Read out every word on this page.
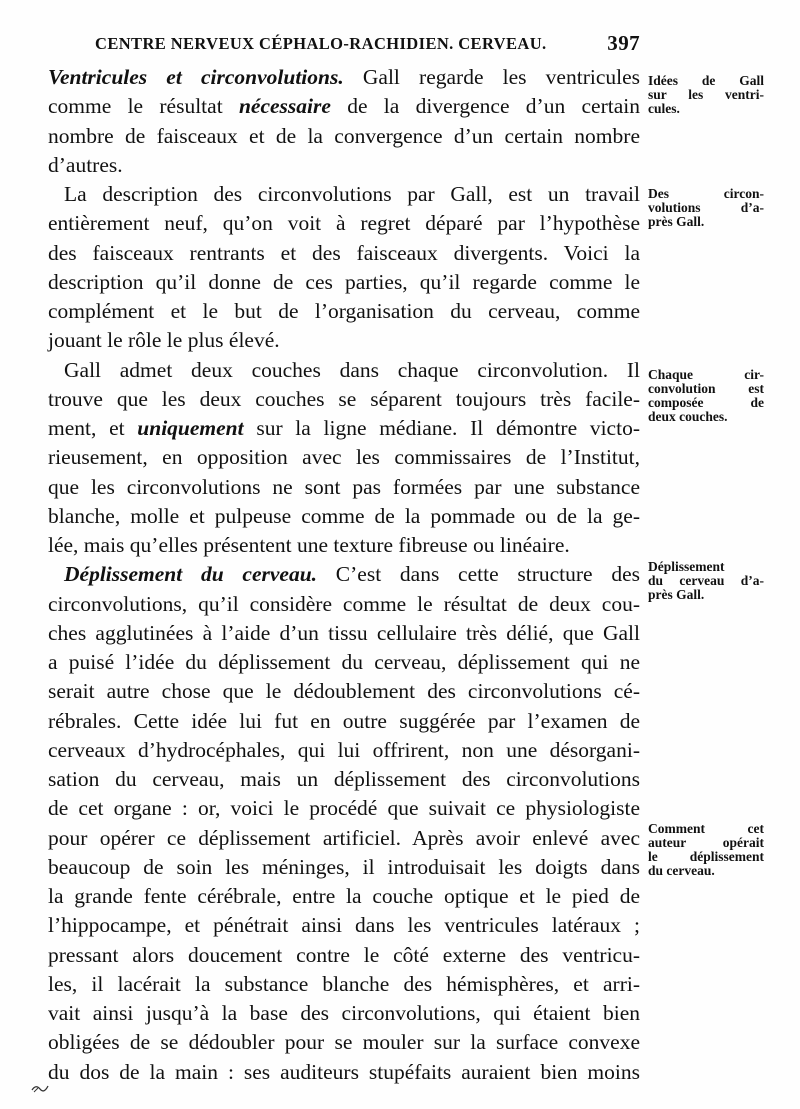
CENTRE NERVEUX CÉPHALO-RACHIDIEN. CERVEAU.	397
Ventricules et circonvolutions. Gall regarde les ventricules
comme le résultat nécessaire de la divergence d’un certain
nombre de faisceaux et de la convergence d’un certain nombre
d’autres.
La description des circonvolutions par Gall, est un travail
entièrement neuf, qu’on voit à regret déparé par l’hypothèse
des faisceaux rentrants et des faisceaux divergents. Voici la
description qu’il donne de ces parties, qu’il regarde comme le
complément et le but de l’organisation du cerveau, comme
jouant le rôle le plus élevé.
Gall admet deux couches dans chaque circonvolution. Il
trouve que les deux couches se séparent toujours très facile-
ment, et uniquement sur la ligne médiane. Il démontre victo-
rieusement, en opposition avec les commissaires de l’Institut,
que les circonvolutions ne sont pas formées par une substance
blanche, molle et pulpeuse comme de la pommade ou de la ge-
lée, mais qu’elles présentent une texture fibreuse ou linéaire.
Déplissement du cerveau. C’est dans cette structure des
circonvolutions, qu’il considère comme le résultat de deux cou-
ches agglutinées à l’aide d’un tissu cellulaire très délié, que Gall
a puisé l’idée du déplissement du cerveau, déplissement qui ne
serait autre chose que le dédoublement des circonvolutions cé-
rébrales. Cette idée lui fut en outre suggérée par l’examen de
cerveaux d’hydrocéphales, qui lui offrirent, non une désorgani-
sation du cerveau, mais un déplissement des circonvolutions
de cet organe : or, voici le procédé que suivait ce physiologiste
pour opérer ce déplissement artificiel. Après avoir enlevé avec
beaucoup de soin les méninges, il introduisait les doigts dans
la grande fente cérébrale, entre la couche optique et le pied de
l’hippocampe, et pénétrait ainsi dans les ventricules latéraux ;
pressant alors doucement contre le côté externe des ventricu-
les, il lacérait la substance blanche des hémisphères, et arri-
vait ainsi jusqu’à la base des circonvolutions, qui étaient bien
obligées de se dédoubler pour se mouler sur la surface convexe
du dos de la main : ses auditeurs stupéfaits auraient bien moins
Idées de Gall
sur les ventri-
cules.
Des circon-
volutions d’a-
près Gall.
Chaque cir-
convolution est
composée de
deux couches.
Déplissement
du cerveau d’a-
près Gall.
Comment cet
auteur opérait
le déplissement
du cerveau.
